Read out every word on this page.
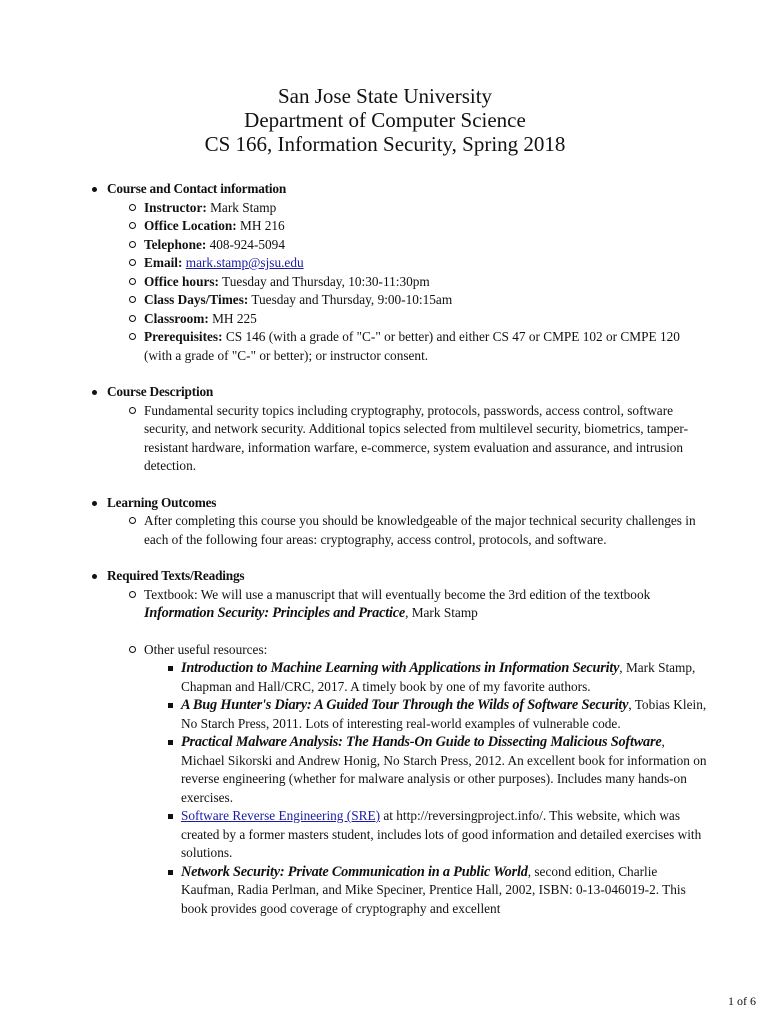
San Jose State University
Department of Computer Science
CS 166, Information Security, Spring 2018
Course and Contact information
Instructor: Mark Stamp
Office Location: MH 216
Telephone: 408-924-5094
Email: mark.stamp@sjsu.edu
Office hours: Tuesday and Thursday, 10:30-11:30pm
Class Days/Times: Tuesday and Thursday, 9:00-10:15am
Classroom: MH 225
Prerequisites: CS 146 (with a grade of "C-" or better) and either CS 47 or CMPE 102 or CMPE 120 (with a grade of "C-" or better); or instructor consent.
Course Description
Fundamental security topics including cryptography, protocols, passwords, access control, software security, and network security. Additional topics selected from multilevel security, biometrics, tamper-resistant hardware, information warfare, e-commerce, system evaluation and assurance, and intrusion detection.
Learning Outcomes
After completing this course you should be knowledgeable of the major technical security challenges in each of the following four areas: cryptography, access control, protocols, and software.
Required Texts/Readings
Textbook: We will use a manuscript that will eventually become the 3rd edition of the textbook Information Security: Principles and Practice, Mark Stamp
Other useful resources:
Introduction to Machine Learning with Applications in Information Security, Mark Stamp, Chapman and Hall/CRC, 2017. A timely book by one of my favorite authors.
A Bug Hunter's Diary: A Guided Tour Through the Wilds of Software Security, Tobias Klein, No Starch Press, 2011. Lots of interesting real-world examples of vulnerable code.
Practical Malware Analysis: The Hands-On Guide to Dissecting Malicious Software, Michael Sikorski and Andrew Honig, No Starch Press, 2012. An excellent book for information on reverse engineering (whether for malware analysis or other purposes). Includes many hands-on exercises.
Software Reverse Engineering (SRE) at http://reversingproject.info/. This website, which was created by a former masters student, includes lots of good information and detailed exercises with solutions.
Network Security: Private Communication in a Public World, second edition, Charlie Kaufman, Radia Perlman, and Mike Speciner, Prentice Hall, 2002, ISBN: 0-13-046019-2. This book provides good coverage of cryptography and excellent
1 of 6
